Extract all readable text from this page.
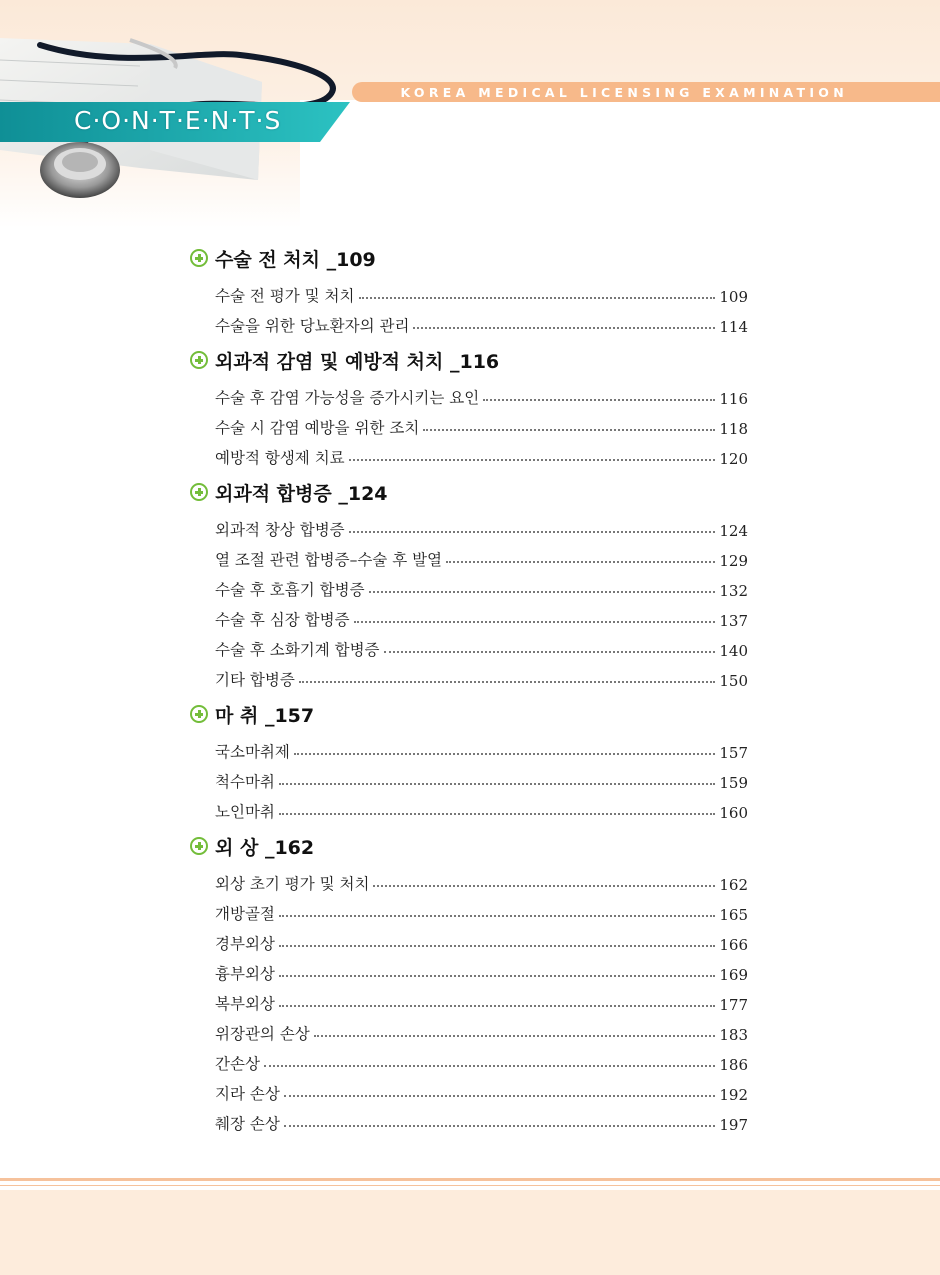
KOREA MEDICAL LICENSING EXAMINATION
C·O·N·T·E·N·T·S
수술 전 처치 _109
수술 전 평가 및 처치	109
수술을 위한 당뇨환자의 관리	114
외과적 감염 및 예방적 처치 _116
수술 후 감염 가능성을 증가시키는 요인	116
수술 시 감염 예방을 위한 조치	118
예방적 항생제 치료	120
외과적 합병증 _124
외과적 창상 합병증	124
열 조절 관련 합병증–수술 후 발열	129
수술 후 호흡기 합병증	132
수술 후 심장 합병증	137
수술 후 소화기계 합병증	140
기타 합병증	150
마 취 _157
국소마취제	157
척수마취	159
노인마취	160
외 상 _162
외상 초기 평가 및 처치	162
개방골절	165
경부외상	166
흉부외상	169
복부외상	177
위장관의 손상	183
간손상	186
지라 손상	192
췌장 손상	197
